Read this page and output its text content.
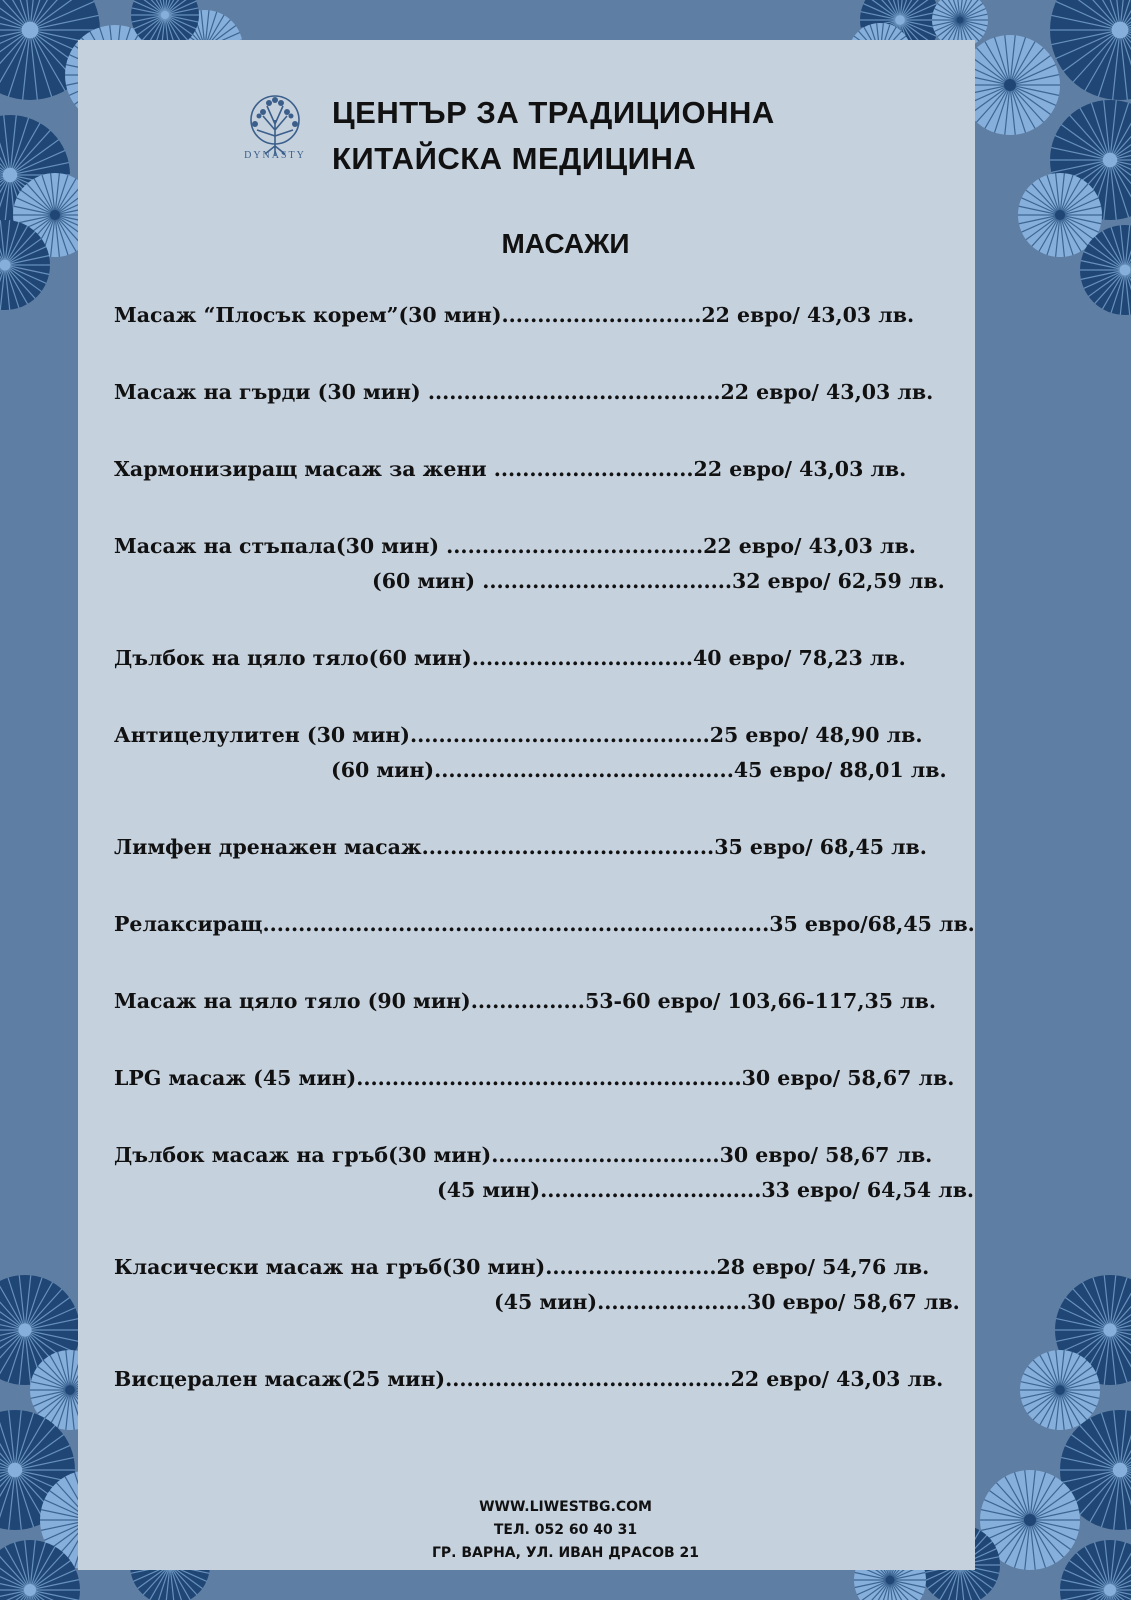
DYNASTY
ЦЕНТЪР ЗА ТРАДИЦИОННА
КИТАЙСКА МЕДИЦИНА
МАСАЖИ
Масаж “Плосък корем”(30 мин)............................22 евро/ 43,03 лв.
Масаж на гърди (30 мин) .........................................22 евро/ 43,03 лв.
Хармонизиращ масаж за жени ............................22 евро/ 43,03 лв.
Масаж на стъпала(30 мин) ....................................22 евро/ 43,03 лв.
(60 мин) ...................................32 евро/ 62,59 лв.
Дълбок на цяло тяло(60 мин)...............................40 евро/ 78,23 лв.
Антицелулитен (30 мин)..........................................25 евро/ 48,90 лв.
(60 мин)..........................................45 евро/ 88,01 лв.
Лимфен дренажен масаж.........................................35 евро/ 68,45 лв.
Релаксиращ.......................................................................35 евро/68,45 лв.
Масаж на цяло тяло (90 мин)................53-60 евро/ 103,66-117,35 лв.
LPG масаж (45 мин)......................................................30 евро/ 58,67 лв.
Дълбок масаж на гръб(30 мин)................................30 евро/ 58,67 лв.
(45 мин)...............................33 евро/ 64,54 лв.
Класически масаж на гръб(30 мин)........................28 евро/ 54,76 лв.
(45 мин).....................30 евро/ 58,67 лв.
Висцерален масаж(25 мин)........................................22 евро/ 43,03 лв.
WWW.LIWESTBG.COM
ТЕЛ. 052 60 40 31
ГР. ВАРНА, УЛ. ИВАН ДРАСОВ 21
